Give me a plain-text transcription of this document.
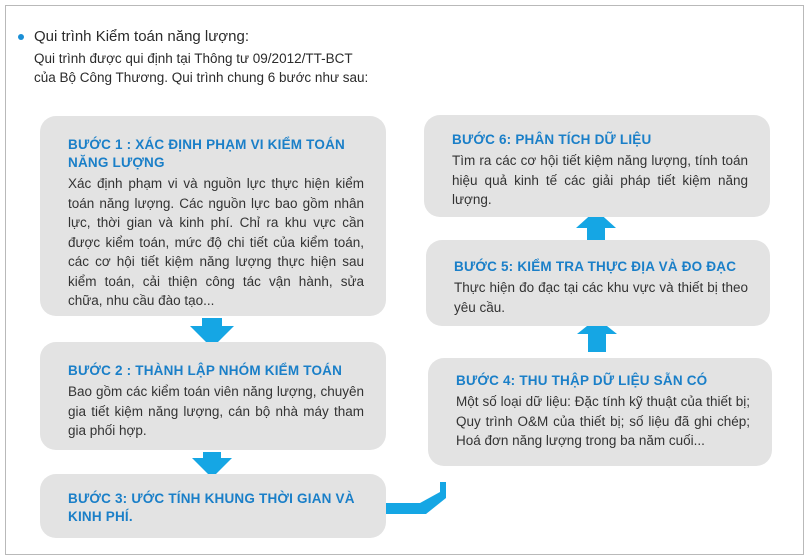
Qui trình Kiểm toán năng lượng:
Qui trình được qui định tại Thông tư 09/2012/TT-BCT
của Bộ Công Thương. Qui trình chung 6 bước như sau:
BƯỚC 1 : XÁC ĐỊNH PHẠM VI KIỂM TOÁN NĂNG LƯỢNG
Xác định phạm vi và nguồn lực thực hiện kiểm toán năng lượng. Các nguồn lực bao gồm nhân lực, thời gian và kinh phí. Chỉ ra khu vực cần được kiểm toán, mức độ chi tiết của kiểm toán, các cơ hội tiết kiệm năng lượng thực hiện sau kiểm toán, cải thiện công tác vận hành, sửa chữa, nhu cầu đào tạo...
BƯỚC 2 : THÀNH LẬP NHÓM KIỂM TOÁN
Bao gồm các kiểm toán viên năng lượng, chuyên gia tiết kiệm năng lượng, cán bộ nhà máy tham gia phối hợp.
BƯỚC 3: ƯỚC TÍNH KHUNG THỜI GIAN VÀ KINH PHÍ.
BƯỚC 4: THU THẬP DỮ LIỆU SẴN CÓ
Một số loại dữ liệu: Đặc tính kỹ thuật của thiết bị; Quy trình O&M của thiết bị; số liệu đã ghi chép; Hoá đơn năng lượng trong ba năm cuối...
BƯỚC 5: KIỂM TRA THỰC ĐỊA VÀ ĐO ĐẠC
Thực hiện đo đạc tại các khu vực và thiết bị theo yêu cầu.
BƯỚC 6: PHÂN TÍCH DỮ LIỆU
Tìm ra các cơ hội tiết kiệm năng lượng, tính toán hiệu quả kinh tế các giải pháp tiết kiệm năng lượng.
